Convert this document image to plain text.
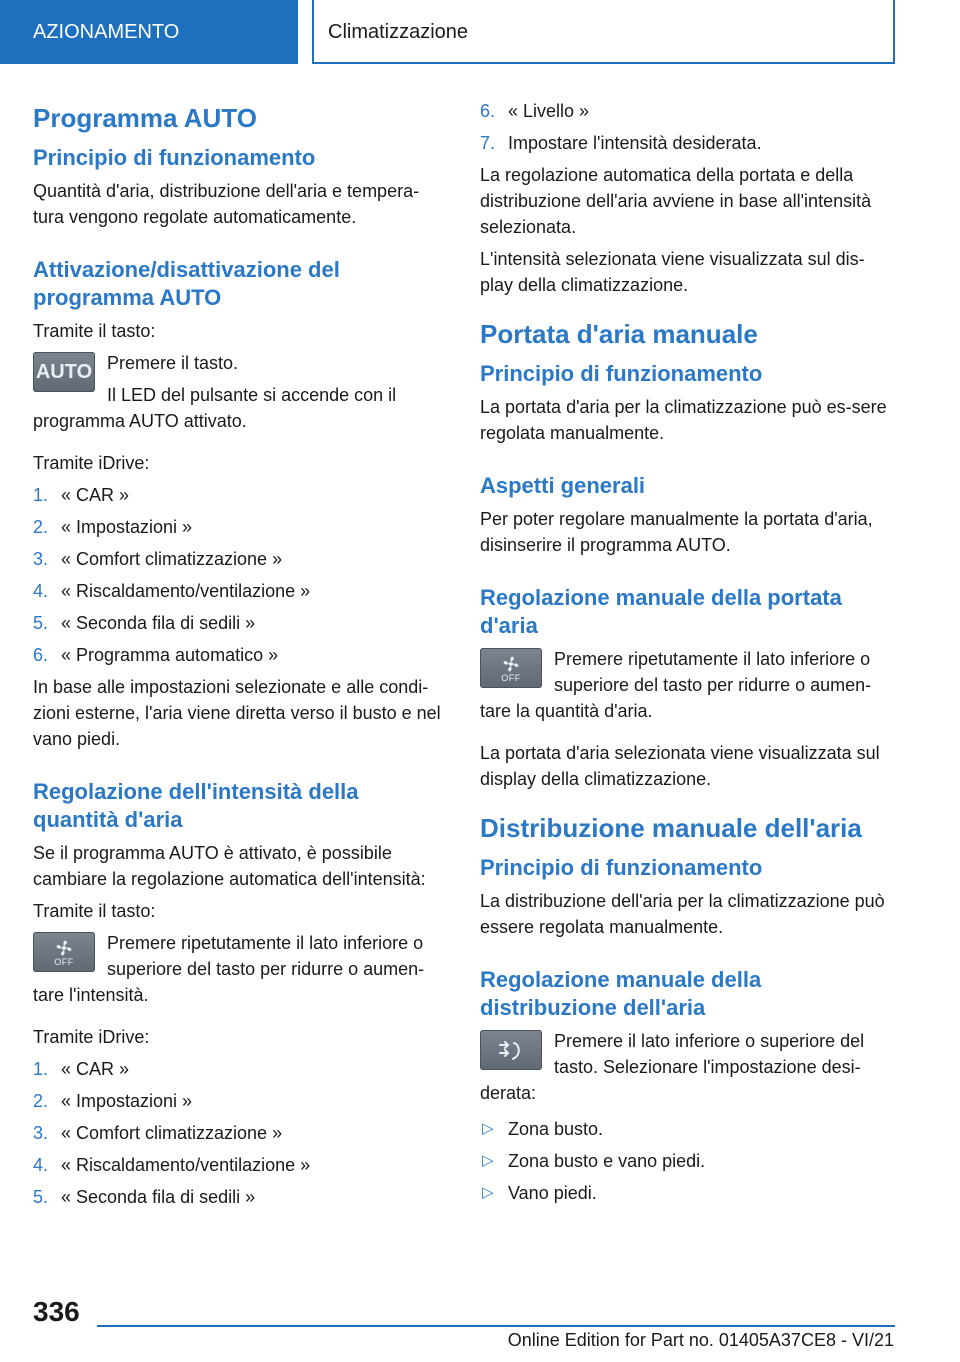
AZIONAMENTO	Climatizzazione
Programma AUTO
Principio di funzionamento

Quantità d'aria, distribuzione dell'aria e tempera-tura vengono regolate automaticamente.

Attivazione/disattivazione del programma AUTO

Tramite il tasto:

AUTO Premere il tasto.

Il LED del pulsante si accende con il programma AUTO attivato.

Tramite iDrive:

1. « CAR »
2. « Impostazioni »
3. « Comfort climatizzazione »
4. « Riscaldamento/ventilazione »
5. « Seconda fila di sedili »
6. « Programma automatico »

In base alle impostazioni selezionate e alle condi-zioni esterne, l'aria viene diretta verso il busto e nel vano piedi.

Regolazione dell'intensità della quantità d'aria

Se il programma AUTO è attivato, è possibile cambiare la regolazione automatica dell'intensità:

Tramite il tasto:

OFF

Premere ripetutamente il lato inferiore o superiore del tasto per ridurre o aumen-tare l'intensità.

Tramite iDrive:

1. « CAR »
2. « Impostazioni »
3. « Comfort climatizzazione »
4. « Riscaldamento/ventilazione »
5. « Seconda fila di sedili »
6. « Livello »
7. Impostare l'intensità desiderata.

La regolazione automatica della portata e della distribuzione dell'aria avviene in base all'intensità selezionata.

L'intensità selezionata viene visualizzata sul dis-play della climatizzazione.

Portata d'aria manuale
Principio di funzionamento

La portata d'aria per la climatizzazione può es-sere regolata manualmente.

Aspetti generali

Per poter regolare manualmente la portata d'aria, disinserire il programma AUTO.

Regolazione manuale della portata d'aria
OFF

Premere ripetutamente il lato inferiore o superiore del tasto per ridurre o aumen-tare la quantità d'aria.

La portata d'aria selezionata viene visualizzata sul display della climatizzazione.

Distribuzione manuale dell'aria
Principio di funzionamento

La distribuzione dell'aria per la climatizzazione può essere regolata manualmente.

Regolazione manuale della distribuzione dell'aria

Premere il lato inferiore o superiore del tasto. Selezionare l'impostazione desi-derata:

▷ Zona busto.
▷ Zona busto e vano piedi.
▷ Vano piedi.
336
Online Edition for Part no. 01405A37CE8 - VI/21
